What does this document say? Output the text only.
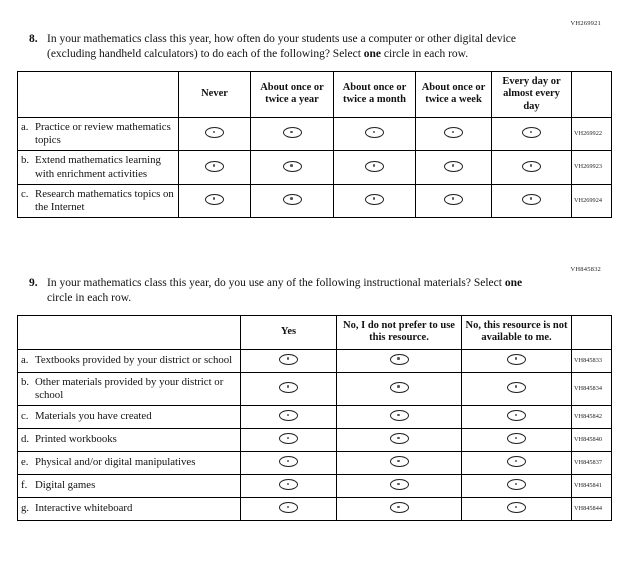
VH269921
8. In your mathematics class this year, how often do your students use a computer or other digital device (excluding handheld calculators) to do each of the following? Select one circle in each row.
	Never	About once or twice a year	About once or twice a month	About once or twice a week	Every day or almost every day	

a. Practice or review mathematics topics						VH269922

b. Extend mathematics learning with enrichment activities						VH269923

c. Research mathematics topics on the Internet						VH269924
VH845832
9. In your mathematics class this year, do you use any of the following instructional materials? Select one circle in each row.
	Yes	No, I do not prefer to use this resource.	No, this resource is not available to me.	

a. Textbooks provided by your district or school				VH845833

b. Other materials provided by your district or school				VH845834

c. Materials you have created				VH845842

d. Printed workbooks				VH845840

e. Physical and/or digital manipulatives				VH845837

f. Digital games				VH845841

g. Interactive whiteboard				VH845844
